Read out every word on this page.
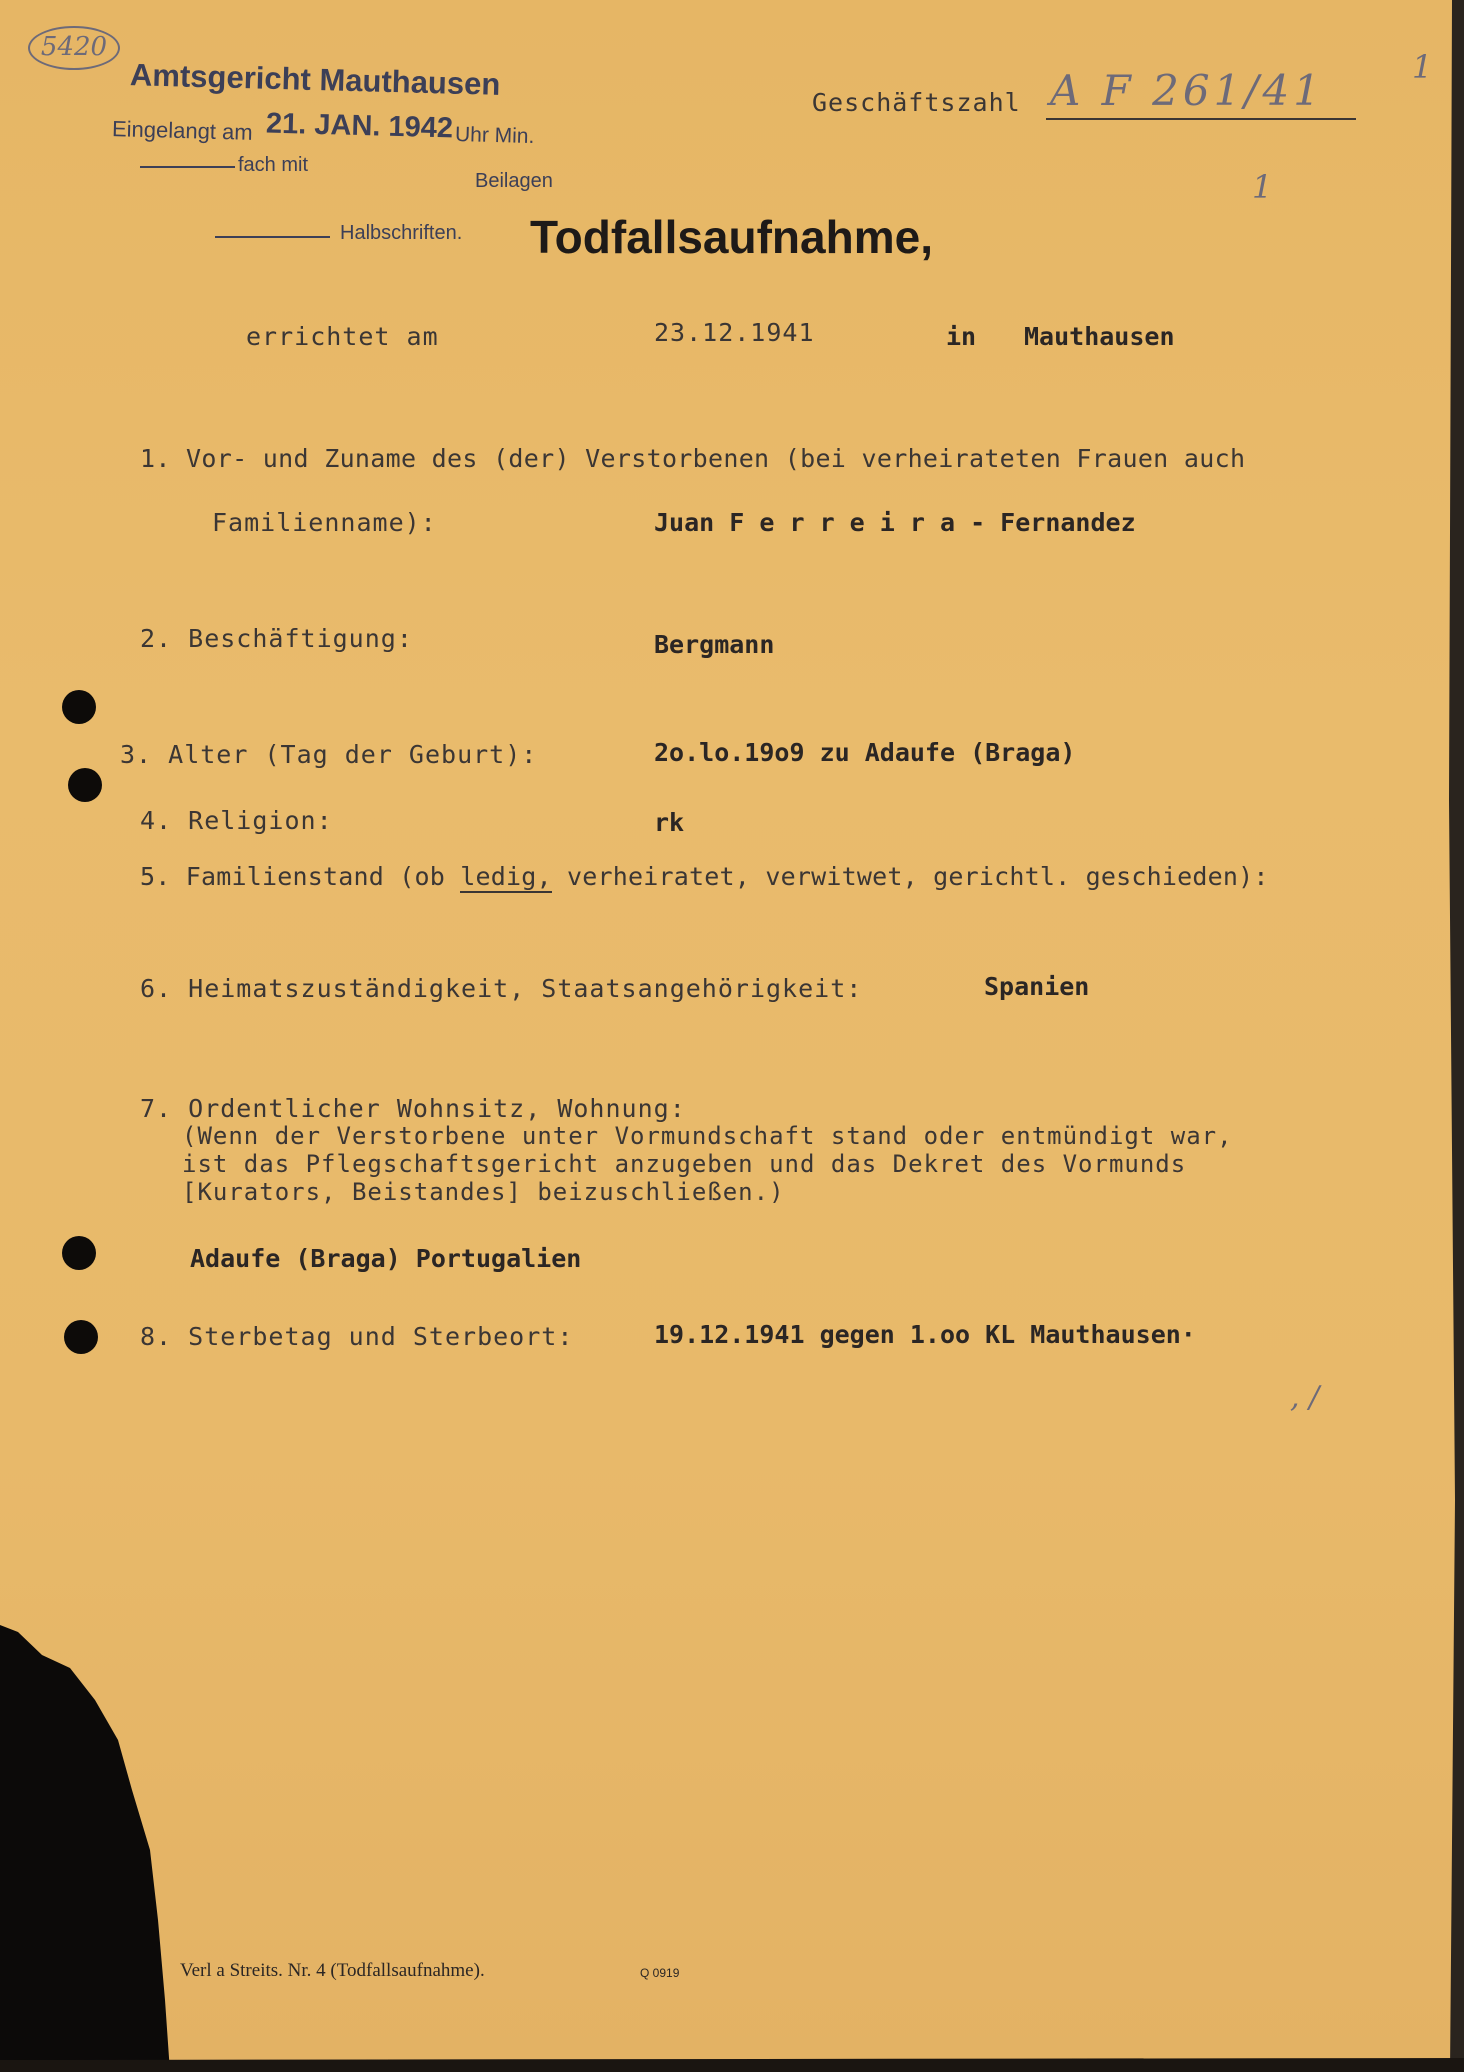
5420
Amtsgericht Mauthausen
Eingelangt am 21. JAN. 1942 Uhr Min.
fach mit
Beilagen
Halbschriften.
Geschäftszahl A F 261/41	1
1
Todfallsaufnahme,
errichtet am	23.12.1941	in Mauthausen
1. Vor- und Zuname des (der) Verstorbenen (bei verheirateten Frauen auch
Familienname):	Juan F e r r e i r a - Fernandez
2. Beschäftigung:	Bergmann
3. Alter (Tag der Geburt):	2o.lo.19o9 zu Adaufe (Braga)
4. Religion:	rk
5. Familienstand (ob ledig, verheiratet, verwitwet, gerichtl. geschieden):
6. Heimatszuständigkeit, Staatsangehörigkeit:	Spanien
7. Ordentlicher Wohnsitz, Wohnung:
(Wenn der Verstorbene unter Vormundschaft stand oder entmündigt war,
ist das Pflegschaftsgericht anzugeben und das Dekret des Vormunds
[Kurators, Beistandes] beizuschließen.)
Adaufe (Braga) Portugalien
8. Sterbetag und Sterbeort:	19.12.1941 gegen 1.oo KL Mauthausen·
, /
Verl a Streits. Nr. 4 (Todfallsaufnahme).	Q 0919
